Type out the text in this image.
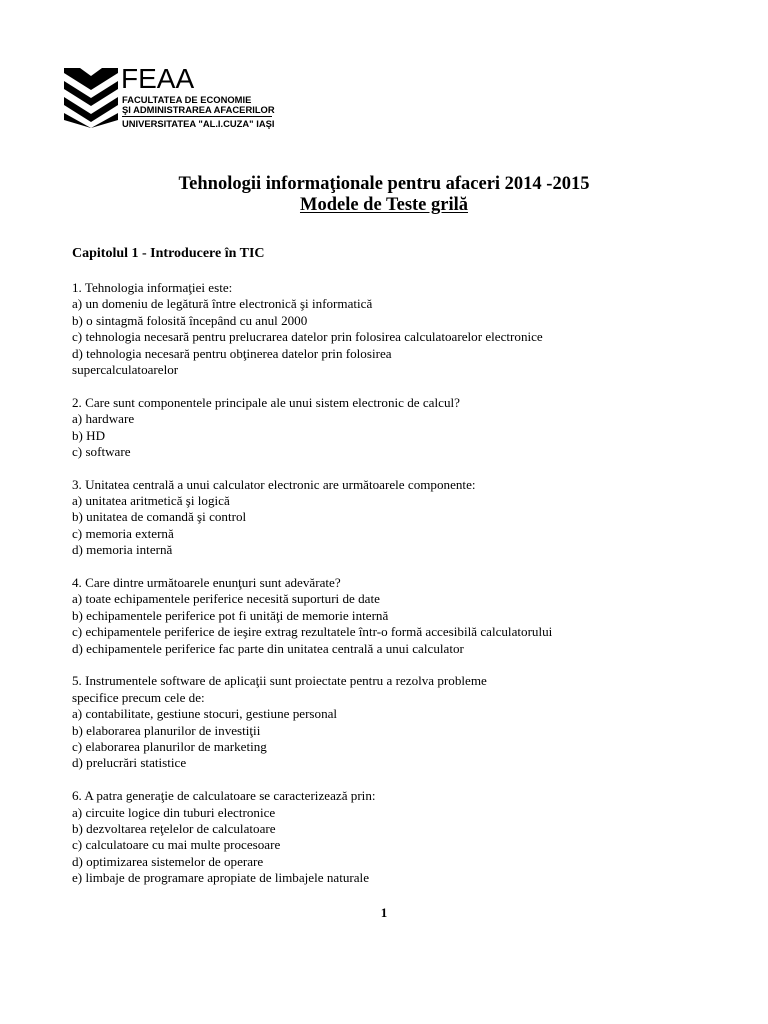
FEAA
FACULTATEA DE ECONOMIE
ŞI ADMINISTRAREA AFACERILOR
UNIVERSITATEA "AL.I.CUZA" IAŞI
Tehnologii informaţionale pentru afaceri 2014 -2015
Modele de Teste grilă
Capitolul 1 - Introducere în TIC
1. Tehnologia informaţiei este:
a) un domeniu de legătură între electronică şi informatică
b) o sintagmă folosită începând cu anul 2000
c) tehnologia necesară pentru prelucrarea datelor prin folosirea calculatoarelor electronice
d) tehnologia necesară pentru obţinerea datelor prin folosirea
supercalculatoarelor
2. Care sunt componentele principale ale unui sistem electronic de calcul?
a) hardware
b) HD
c) software
3. Unitatea centrală a unui calculator electronic are următoarele componente:
a) unitatea aritmetică şi logică
b) unitatea de comandă şi control
c) memoria externă
d) memoria internă
4. Care dintre următoarele enunţuri sunt adevărate?
a) toate echipamentele periferice necesită suporturi de date
b) echipamentele periferice pot fi unităţi de memorie internă
c) echipamentele periferice de ieşire extrag rezultatele într-o formă accesibilă calculatorului
d) echipamentele periferice fac parte din unitatea centrală a unui calculator
5. Instrumentele software de aplicaţii sunt proiectate pentru a rezolva probleme
specifice precum cele de:
a) contabilitate, gestiune stocuri, gestiune personal
b) elaborarea planurilor de investiţii
c) elaborarea planurilor de marketing
d) prelucrări statistice
6. A patra generaţie de calculatoare se caracterizează prin:
a) circuite logice din tuburi electronice
b) dezvoltarea reţelelor de calculatoare
c) calculatoare cu mai multe procesoare
d) optimizarea sistemelor de operare
e) limbaje de programare apropiate de limbajele naturale
1
